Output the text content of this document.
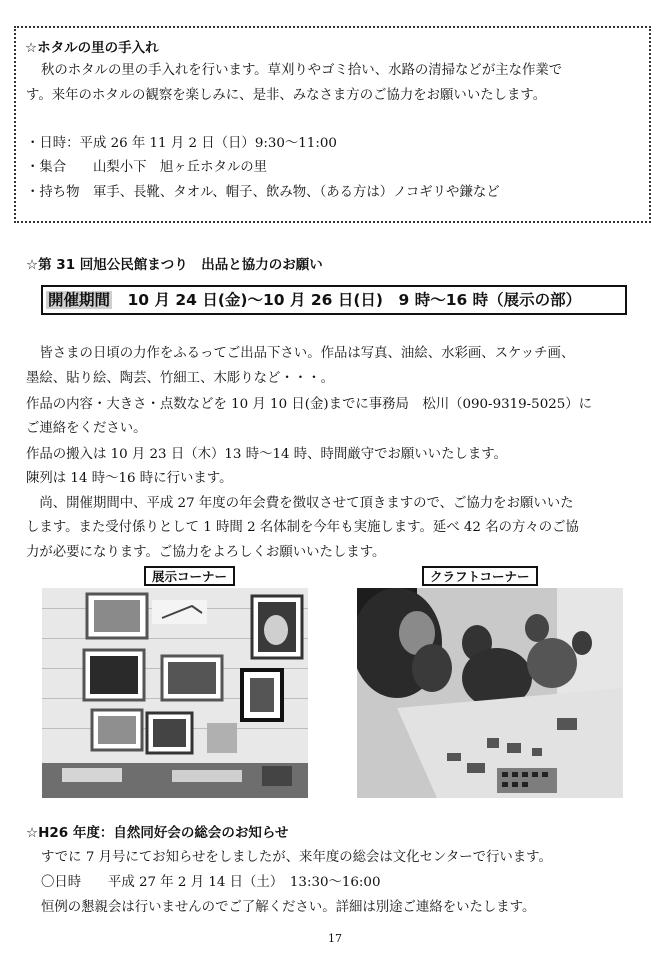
☆ホタルの里の手入れ
秋のホタルの里の手入れを行います。草刈りやゴミ拾い、水路の清掃などが主な作業で
す。来年のホタルの観察を楽しみに、是非、みなさま方のご協力をお願いいたします。
・日時：平成 26 年 11 月 2 日（日）9:30～11:00
・集合　　山梨小下　旭ヶ丘ホタルの里
・持ち物　軍手、長靴、タオル、帽子、飲み物、（ある方は）ノコギリや鎌など
☆第 31 回旭公民館まつり　出品と協力のお願い
開催期間　10 月 24 日(金)～10 月 26 日(日)　9 時～16 時（展示の部）
　皆さまの日頃の力作をふるってご出品下さい。作品は写真、油絵、水彩画、スケッチ画、
墨絵、貼り絵、陶芸、竹細工、木彫りなど・・・。
作品の内容・大きさ・点数などを 10 月 10 日(金)までに事務局　松川（090-9319-5025）に
ご連絡をください。
作品の搬入は 10 月 23 日（木）13 時～14 時、時間厳守でお願いいたします。
陳列は 14 時～16 時に行います。
　尚、開催期間中、平成 27 年度の年会費を徴収させて頂きますので、ご協力をお願いいた
します。また受付係りとして 1 時間 2 名体制を今年も実施します。延べ 42 名の方々のご協
力が必要になります。ご協力をよろしくお願いいたします。
展示コーナー	クラフトコーナー
☆H26 年度：自然同好会の総会のお知らせ
すでに 7 月号にてお知らせをしましたが、来年度の総会は文化センターで行います。
〇日時　　平成 27 年 2 月 14 日（土）　13:30～16:00
恒例の懇親会は行いませんのでご了解ください。詳細は別途ご連絡をいたします。
17
